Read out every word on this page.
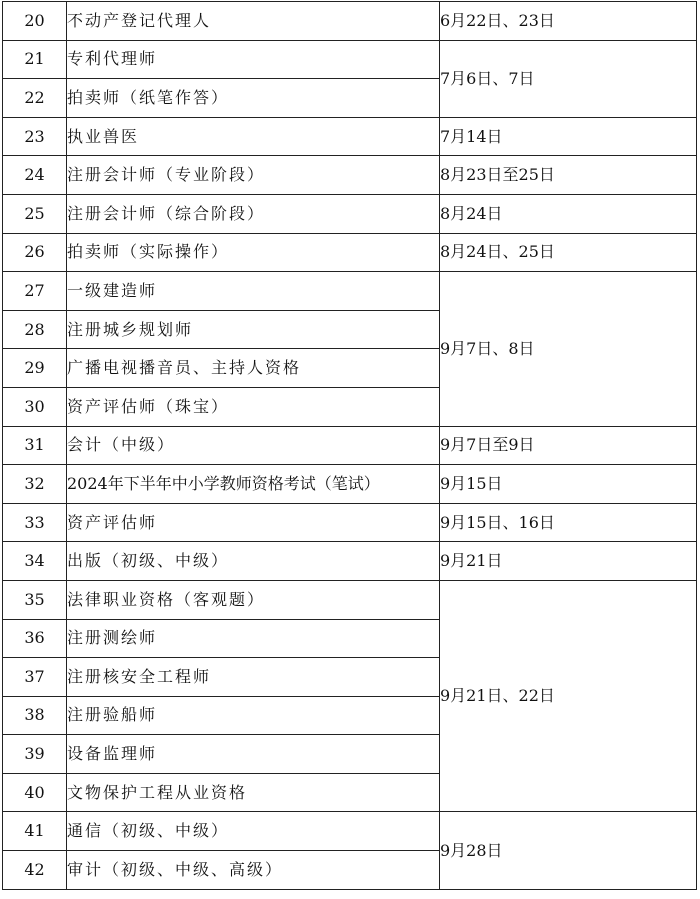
20	不动产登记代理人	6月22日、23日
21	专利代理师	7月6日、7日
22	拍卖师（纸笔作答）	
23	执业兽医	7月14日
24	注册会计师（专业阶段）	8月23日至25日
25	注册会计师（综合阶段）	8月24日
26	拍卖师（实际操作）	8月24日、25日
27	一级建造师	9月7日、8日
28	注册城乡规划师	
29	广播电视播音员、主持人资格	
30	资产评估师（珠宝）	
31	会计（中级）	9月7日至9日
32	2024年下半年中小学教师资格考试（笔试）	9月15日
33	资产评估师	9月15日、16日
34	出版（初级、中级）	9月21日
35	法律职业资格（客观题）	9月21日、22日
36	注册测绘师	
37	注册核安全工程师	
38	注册验船师	
39	设备监理师	
40	文物保护工程从业资格	
41	通信（初级、中级）	9月28日
42	审计（初级、中级、高级）	
